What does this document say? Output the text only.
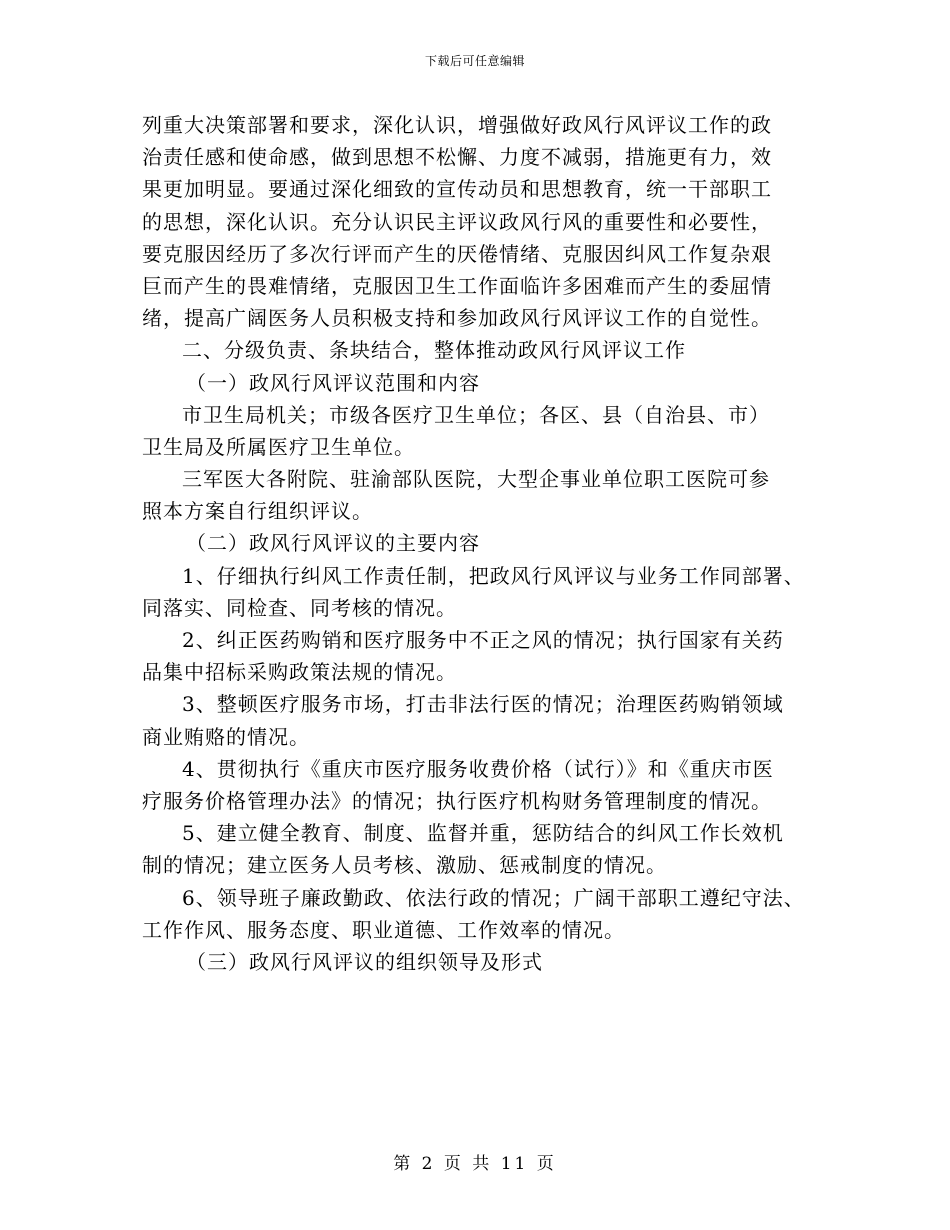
下载后可任意编辑
列重大决策部署和要求，深化认识，增强做好政风行风评议工作的政
治责任感和使命感，做到思想不松懈、力度不减弱，措施更有力，效
果更加明显。要通过深化细致的宣传动员和思想教育，统一干部职工
的思想，深化认识。充分认识民主评议政风行风的重要性和必要性，
要克服因经历了多次行评而产生的厌倦情绪、克服因纠风工作复杂艰
巨而产生的畏难情绪，克服因卫生工作面临许多困难而产生的委屈情
绪，提高广阔医务人员积极支持和参加政风行风评议工作的自觉性。
二、分级负责、条块结合，整体推动政风行风评议工作
（一）政风行风评议范围和内容
市卫生局机关；市级各医疗卫生单位；各区、县（自治县、市）
卫生局及所属医疗卫生单位。
三军医大各附院、驻渝部队医院，大型企事业单位职工医院可参
照本方案自行组织评议。
（二）政风行风评议的主要内容
1、仔细执行纠风工作责任制，把政风行风评议与业务工作同部署、
同落实、同检查、同考核的情况。
2、纠正医药购销和医疗服务中不正之风的情况；执行国家有关药
品集中招标采购政策法规的情况。
3、整顿医疗服务市场，打击非法行医的情况；治理医药购销领域
商业贿赂的情况。
4、贯彻执行《重庆市医疗服务收费价格（试行）》和《重庆市医
疗服务价格管理办法》的情况；执行医疗机构财务管理制度的情况。
5、建立健全教育、制度、监督并重，惩防结合的纠风工作长效机
制的情况；建立医务人员考核、激励、惩戒制度的情况。
6、领导班子廉政勤政、依法行政的情况；广阔干部职工遵纪守法、
工作作风、服务态度、职业道德、工作效率的情况。
（三）政风行风评议的组织领导及形式
第 2 页 共 11 页
